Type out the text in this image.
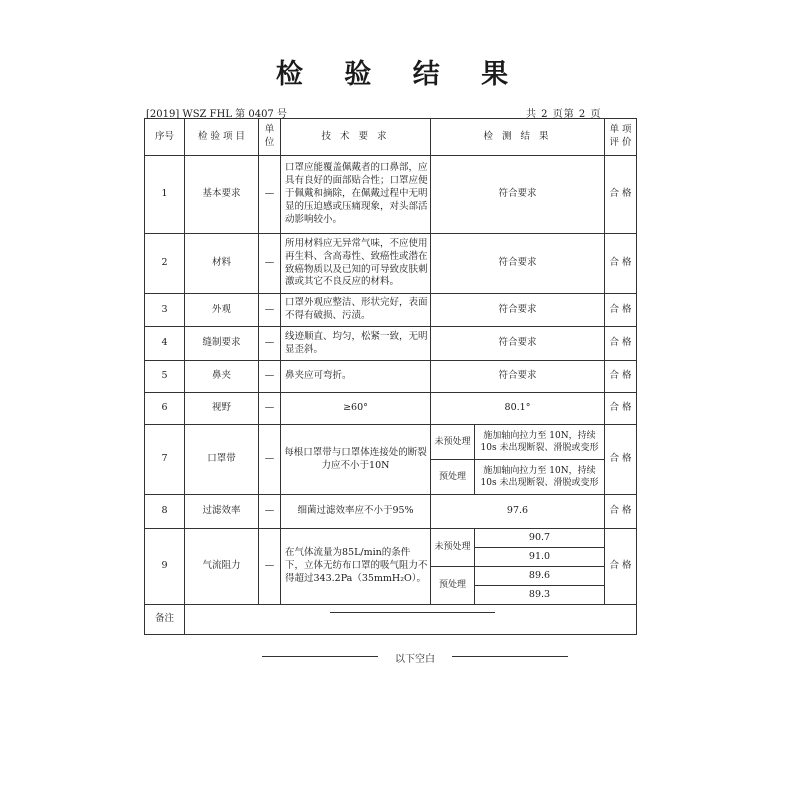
检 验 结 果
[2019] WSZ FHL 第 0407 号	共 2 页第 2 页
序号	检 验 项 目	单 位	技 术 要 求	检 测 结 果		单 项 评 价
1	基本要求	—	口罩应能覆盖佩戴者的口鼻部，应具有良好的面部贴合性；口罩应便于佩戴和摘除，在佩戴过程中无明显的压迫感或压痛现象，对头部活动影响较小。	符合要求		合 格
2	材料	—	所用材料应无异常气味，不应使用再生料、含高毒性、致癌性或潜在致癌物质以及已知的可导致皮肤刺激或其它不良反应的材料。	符合要求		合 格
3	外观	—	口罩外观应整洁、形状完好，表面不得有破损、污渍。	符合要求		合 格
4	缝制要求	—	线迹顺直、均匀，松紧一致，无明显歪斜。	符合要求		合 格
5	鼻夹	—	鼻夹应可弯折。	符合要求		合 格
6	视野	—	≥60°	80.1°		合 格
7	口罩带	—	每根口罩带与口罩体连接处的断裂力应不小于10N	未预处理	施加轴向拉力至 10N，持续 10s 未出现断裂、滑脱或变形	合 格
				预处理	施加轴向拉力至 10N，持续 10s 未出现断裂、滑脱或变形	
8	过滤效率	—	细菌过滤效率应不小于95%	97.6		合 格
9	气流阻力	—	在气体流量为85L/min的条件下，立体无纺布口罩的吸气阻力不得超过343.2Pa（35mmH₂O）。	未预处理	90.7	合 格
					91.0	
				预处理	89.6	
					89.3	
备注						
以下空白
